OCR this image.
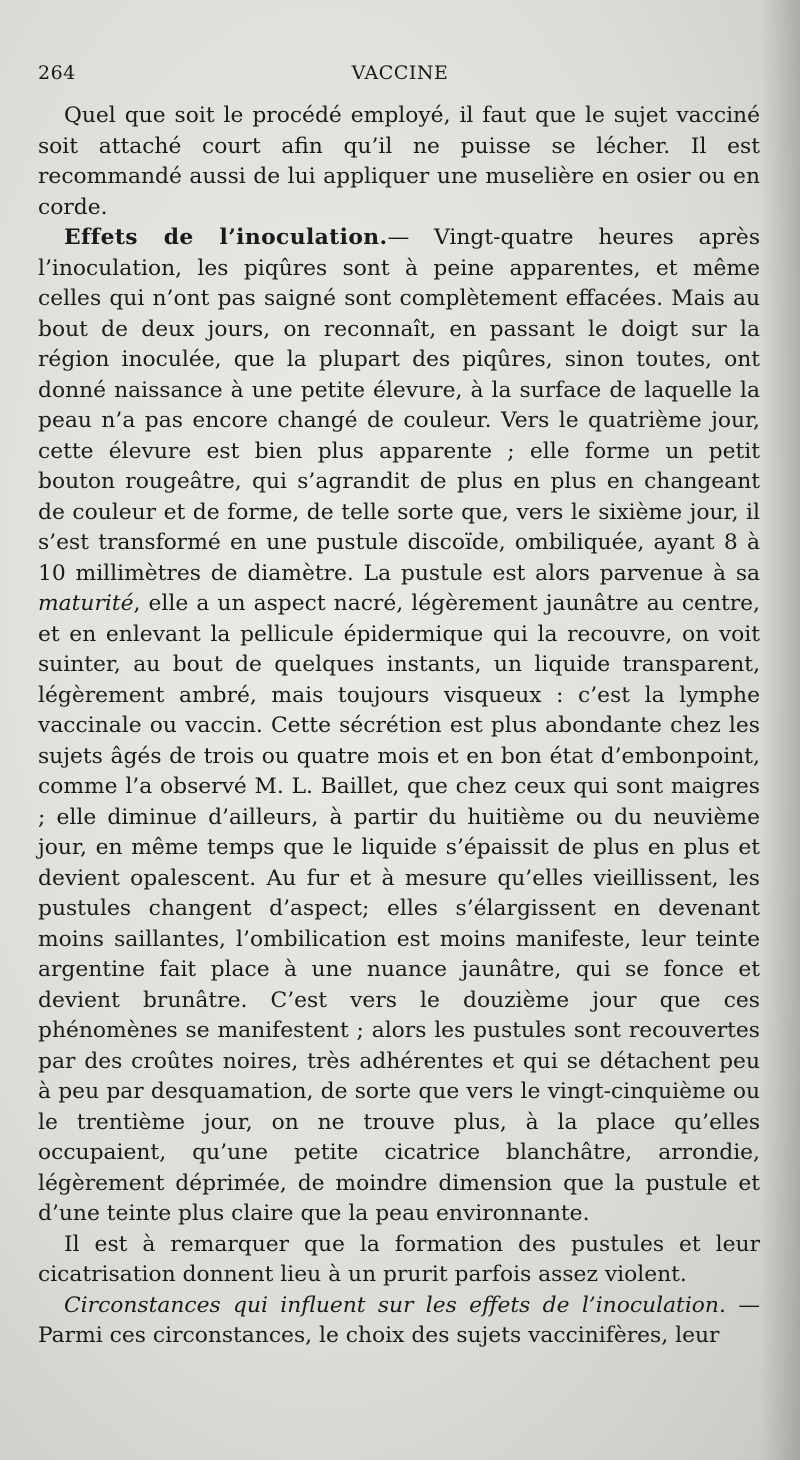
264	VACCINE

Quel que soit le procédé employé, il faut que le sujet vacciné soit attaché court afin qu’il ne puisse se lécher. Il est recommandé aussi de lui appliquer une muselière en osier ou en corde.

Effets de l’inoculation.— Vingt-quatre heures après l’inoculation, les piqûres sont à peine apparentes, et même celles qui n’ont pas saigné sont complètement effacées. Mais au bout de deux jours, on reconnaît, en passant le doigt sur la région inoculée, que la plupart des piqûres, sinon toutes, ont donné naissance à une petite élevure, à la surface de laquelle la peau n’a pas encore changé de couleur. Vers le quatrième jour, cette élevure est bien plus apparente ; elle forme un petit bouton rougeâtre, qui s’agrandit de plus en plus en changeant de couleur et de forme, de telle sorte que, vers le sixième jour, il s’est transformé en une pustule discoïde, ombiliquée, ayant 8 à 10 millimètres de diamètre. La pustule est alors parvenue à sa maturité, elle a un aspect nacré, légèrement jaunâtre au centre, et en enlevant la pellicule épidermique qui la recouvre, on voit suinter, au bout de quelques instants, un liquide transparent, légèrement ambré, mais toujours visqueux : c’est la lymphe vaccinale ou vaccin. Cette sécrétion est plus abondante chez les sujets âgés de trois ou quatre mois et en bon état d’embonpoint, comme l’a observé M. L. Baillet, que chez ceux qui sont maigres ; elle diminue d’ailleurs, à partir du huitième ou du neuvième jour, en même temps que le liquide s’épaissit de plus en plus et devient opalescent. Au fur et à mesure qu’elles vieillissent, les pustules changent d’aspect; elles s’élargissent en devenant moins saillantes, l’ombilication est moins manifeste, leur teinte argentine fait place à une nuance jaunâtre, qui se fonce et devient brunâtre. C’est vers le douzième jour que ces phénomènes se manifestent ; alors les pustules sont recouvertes par des croûtes noires, très adhérentes et qui se détachent peu à peu par desquamation, de sorte que vers le vingt-cinquième ou le trentième jour, on ne trouve plus, à la place qu’elles occupaient, qu’une petite cicatrice blanchâtre, arrondie, légèrement déprimée, de moindre dimension que la pustule et d’une teinte plus claire que la peau environnante.

Il est à remarquer que la formation des pustules et leur cicatrisation donnent lieu à un prurit parfois assez violent.

Circonstances qui influent sur les effets de l’inoculation. — Parmi ces circonstances, le choix des sujets vaccinifères, leur
